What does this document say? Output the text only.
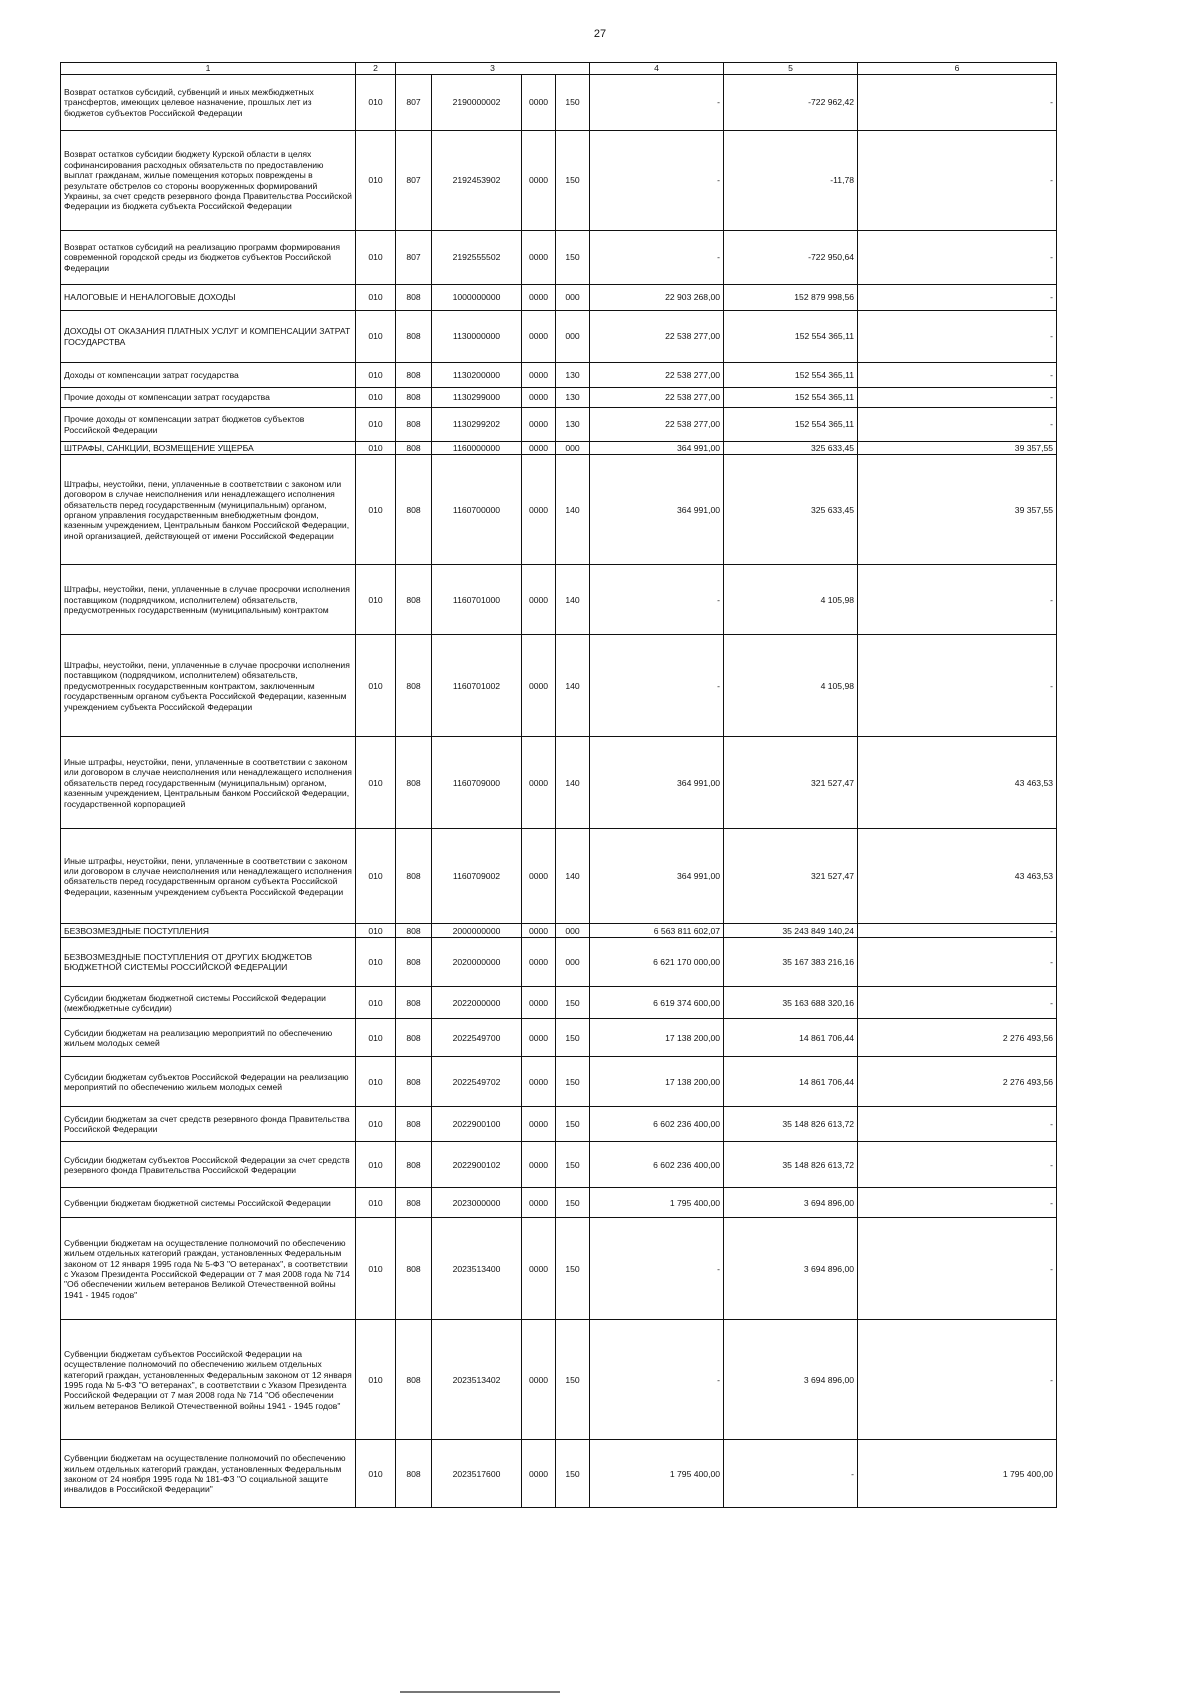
27
1	2	3				4	5	6
Возврат остатков субсидий, субвенций и иных межбюджетных трансфертов, имеющих целевое назначение, прошлых лет из бюджетов субъектов Российской Федерации	010	807	2190000002	0000	150	-	-722 962,42	-
Возврат остатков субсидии бюджету Курской области в целях софинансирования расходных обязательств по предоставлению выплат гражданам, жилые помещения которых повреждены в результате обстрелов со стороны вооруженных формирований Украины, за счет средств резервного фонда Правительства Российской Федерации из бюджета субъекта Российской Федерации	010	807	2192453902	0000	150	-	-11,78	-
Возврат остатков субсидий на реализацию программ формирования современной городской среды из бюджетов субъектов Российской Федерации	010	807	2192555502	0000	150	-	-722 950,64	-
НАЛОГОВЫЕ И НЕНАЛОГОВЫЕ ДОХОДЫ	010	808	1000000000	0000	000	22 903 268,00	152 879 998,56	-
ДОХОДЫ ОТ ОКАЗАНИЯ ПЛАТНЫХ УСЛУГ И КОМПЕНСАЦИИ ЗАТРАТ ГОСУДАРСТВА	010	808	1130000000	0000	000	22 538 277,00	152 554 365,11	-
Доходы от компенсации затрат государства	010	808	1130200000	0000	130	22 538 277,00	152 554 365,11	-
Прочие доходы от компенсации затрат государства	010	808	1130299000	0000	130	22 538 277,00	152 554 365,11	-
Прочие доходы от компенсации затрат бюджетов субъектов Российской Федерации	010	808	1130299202	0000	130	22 538 277,00	152 554 365,11	-
ШТРАФЫ, САНКЦИИ, ВОЗМЕЩЕНИЕ УЩЕРБА	010	808	1160000000	0000	000	364 991,00	325 633,45	39 357,55
Штрафы, неустойки, пени, уплаченные в соответствии с законом или договором в случае неисполнения или ненадлежащего исполнения обязательств перед государственным (муниципальным) органом, органом управления государственным внебюджетным фондом, казенным учреждением, Центральным банком Российской Федерации, иной организацией, действующей от имени Российской Федерации	010	808	1160700000	0000	140	364 991,00	325 633,45	39 357,55
Штрафы, неустойки, пени, уплаченные в случае просрочки исполнения поставщиком (подрядчиком, исполнителем) обязательств, предусмотренных государственным (муниципальным) контрактом	010	808	1160701000	0000	140	-	4 105,98	-
Штрафы, неустойки, пени, уплаченные в случае просрочки исполнения поставщиком (подрядчиком, исполнителем) обязательств, предусмотренных государственным контрактом, заключенным государственным органом субъекта Российской Федерации, казенным учреждением субъекта Российской Федерации	010	808	1160701002	0000	140	-	4 105,98	-
Иные штрафы, неустойки, пени, уплаченные в соответствии с законом или договором в случае неисполнения или ненадлежащего исполнения обязательств перед государственным (муниципальным) органом, казенным учреждением, Центральным банком Российской Федерации, государственной корпорацией	010	808	1160709000	0000	140	364 991,00	321 527,47	43 463,53
Иные штрафы, неустойки, пени, уплаченные в соответствии с законом или договором в случае неисполнения или ненадлежащего исполнения обязательств перед государственным органом субъекта Российской Федерации, казенным учреждением субъекта Российской Федерации	010	808	1160709002	0000	140	364 991,00	321 527,47	43 463,53
БЕЗВОЗМЕЗДНЫЕ ПОСТУПЛЕНИЯ	010	808	2000000000	0000	000	6 563 811 602,07	35 243 849 140,24	-
БЕЗВОЗМЕЗДНЫЕ ПОСТУПЛЕНИЯ ОТ ДРУГИХ БЮДЖЕТОВ БЮДЖЕТНОЙ СИСТЕМЫ РОССИЙСКОЙ ФЕДЕРАЦИИ	010	808	2020000000	0000	000	6 621 170 000,00	35 167 383 216,16	-
Субсидии бюджетам бюджетной системы Российской Федерации (межбюджетные субсидии)	010	808	2022000000	0000	150	6 619 374 600,00	35 163 688 320,16	-
Субсидии бюджетам на реализацию мероприятий по обеспечению жильем молодых семей	010	808	2022549700	0000	150	17 138 200,00	14 861 706,44	2 276 493,56
Субсидии бюджетам субъектов Российской Федерации на реализацию мероприятий по обеспечению жильем молодых семей	010	808	2022549702	0000	150	17 138 200,00	14 861 706,44	2 276 493,56
Субсидии бюджетам за счет средств резервного фонда Правительства Российской Федерации	010	808	2022900100	0000	150	6 602 236 400,00	35 148 826 613,72	-
Субсидии бюджетам субъектов Российской Федерации за счет средств резервного фонда Правительства Российской Федерации	010	808	2022900102	0000	150	6 602 236 400,00	35 148 826 613,72	-
Субвенции бюджетам бюджетной системы Российской Федерации	010	808	2023000000	0000	150	1 795 400,00	3 694 896,00	-
Субвенции бюджетам на осуществление полномочий по обеспечению жильем отдельных категорий граждан, установленных Федеральным законом от 12 января 1995 года № 5-ФЗ "О ветеранах", в соответствии с Указом Президента Российской Федерации от 7 мая 2008 года № 714 "Об обеспечении жильем ветеранов Великой Отечественной войны 1941 - 1945 годов"	010	808	2023513400	0000	150	-	3 694 896,00	-
Субвенции бюджетам субъектов Российской Федерации на осуществление полномочий по обеспечению жильем отдельных категорий граждан, установленных Федеральным законом от 12 января 1995 года № 5-ФЗ "О ветеранах", в соответствии с Указом Президента Российской Федерации от 7 мая 2008 года № 714 "Об обеспечении жильем ветеранов Великой Отечественной войны 1941 - 1945 годов"	010	808	2023513402	0000	150	-	3 694 896,00	-
Субвенции бюджетам на осуществление полномочий по обеспечению жильем отдельных категорий граждан, установленных Федеральным законом от 24 ноября 1995 года № 181-ФЗ "О социальной защите инвалидов в Российской Федерации"	010	808	2023517600	0000	150	1 795 400,00	-	1 795 400,00
